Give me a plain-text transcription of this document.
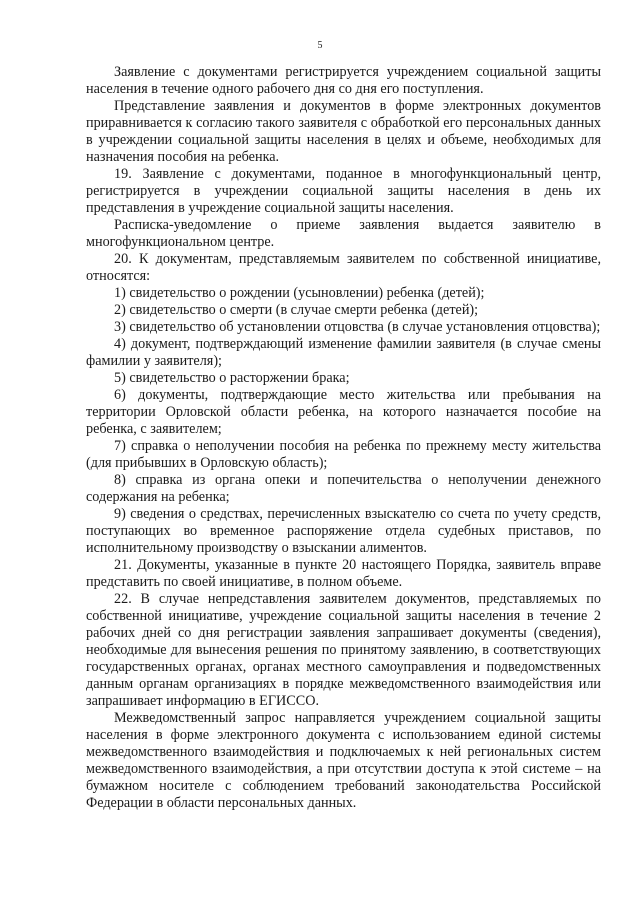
5

Заявление с документами регистрируется учреждением социальной защиты населения в течение одного рабочего дня со дня его поступления.

Представление заявления и документов в форме электронных документов приравнивается к согласию такого заявителя с обработкой его персональных данных в учреждении социальной защиты населения в целях и объеме, необходимых для назначения пособия на ребенка.

19. Заявление с документами, поданное в многофункциональный центр, регистрируется в учреждении социальной защиты населения в день их представления в учреждение социальной защиты населения.

Расписка-уведомление о приеме заявления выдается заявителю в многофункциональном центре.

20. К документам, представляемым заявителем по собственной инициативе, относятся:

1) свидетельство о рождении (усыновлении) ребенка (детей);

2) свидетельство о смерти (в случае смерти ребенка (детей);

3) свидетельство об установлении отцовства (в случае установления отцовства);

4) документ, подтверждающий изменение фамилии заявителя (в случае смены фамилии у заявителя);

5) свидетельство о расторжении брака;

6) документы, подтверждающие место жительства или пребывания на территории Орловской области ребенка, на которого назначается пособие на ребенка, с заявителем;

7) справка о неполучении пособия на ребенка по прежнему месту жительства (для прибывших в Орловскую область);

8) справка из органа опеки и попечительства о неполучении денежного содержания на ребенка;

9) сведения о средствах, перечисленных взыскателю со счета по учету средств, поступающих во временное распоряжение отдела судебных приставов, по исполнительному производству о взыскании алиментов.

21. Документы, указанные в пункте 20 настоящего Порядка, заявитель вправе представить по своей инициативе, в полном объеме.

22. В случае непредставления заявителем документов, представляемых по собственной инициативе, учреждение социальной защиты населения в течение 2 рабочих дней со дня регистрации заявления запрашивает документы (сведения), необходимые для вынесения решения по принятому заявлению, в соответствующих государственных органах, органах местного самоуправления и подведомственных данным органам организациях в порядке межведомственного взаимодействия или запрашивает информацию в ЕГИССО.

Межведомственный запрос направляется учреждением социальной защиты населения в форме электронного документа с использованием единой системы межведомственного взаимодействия и подключаемых к ней региональных систем межведомственного взаимодействия, а при отсутствии доступа к этой системе – на бумажном носителе с соблюдением требований законодательства Российской Федерации в области персональных данных.
